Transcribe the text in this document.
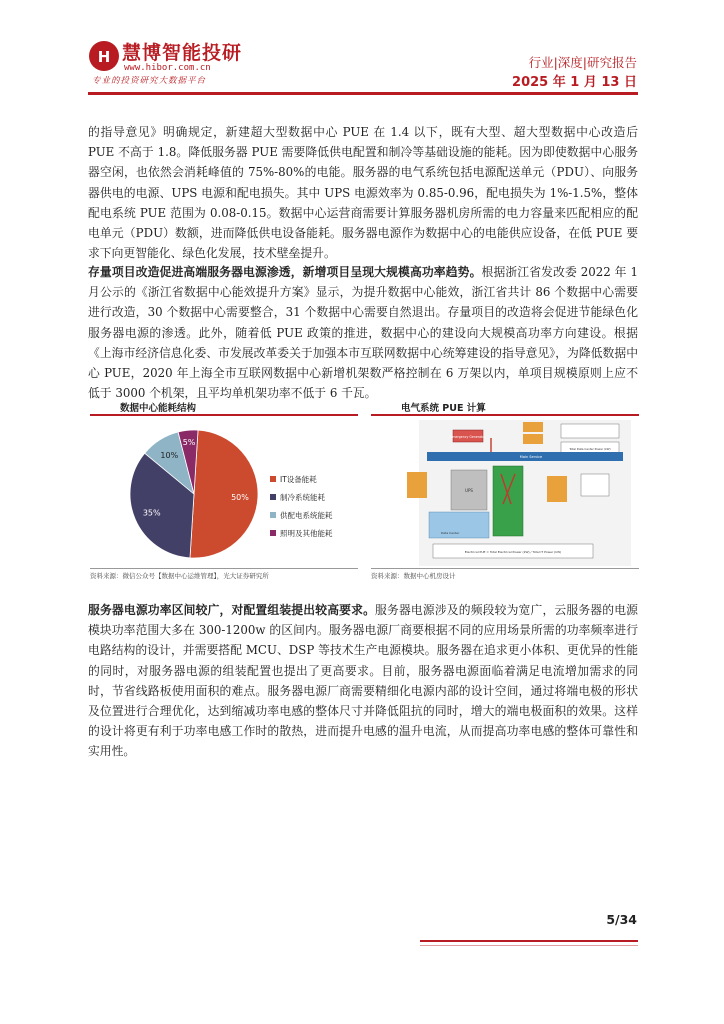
H 慧博智能投研
www.hibor.com.cn
专业的投资研究大数据平台
行业|深度|研究报告
2025 年 1 月 13 日

的指导意见》明确规定，新建超大型数据中心 PUE 在 1.4 以下，既有大型、超大型数据中心改造后 PUE 不高于 1.8。降低服务器 PUE 需要降低供电配置和制冷等基础设施的能耗。因为即使数据中心服务器空闲，也依然会消耗峰值的 75%-80%的电能。服务器的电气系统包括电源配送单元（PDU）、向服务器供电的电源、UPS 电源和配电损失。其中 UPS 电源效率为 0.85-0.96，配电损失为 1%-1.5%，整体配电系统 PUE 范围为 0.08-0.15。数据中心运营商需要计算服务器机房所需的电力容量来匹配相应的配电单元（PDU）数额，进而降低供电设备能耗。服务器电源作为数据中心的电能供应设备，在低 PUE 要求下向更智能化、绿色化发展，技术壁垒提升。

存量项目改造促进高端服务器电源渗透，新增项目呈现大规模高功率趋势。根据浙江省发改委 2022 年 1 月公示的《浙江省数据中心能效提升方案》显示，为提升数据中心能效，浙江省共计 86 个数据中心需要进行改造，30 个数据中心需要整合，31 个数据中心需要自然退出。存量项目的改造将会促进节能绿色化服务器电源的渗透。此外，随着低 PUE 政策的推进，数据中心的建设向大规模高功率方向建设。根据《上海市经济信息化委、市发展改革委关于加强本市互联网数据中心统筹建设的指导意见》，为降低数据中心 PUE，2020 年上海全市互联网数据中心新增机架数严格控制在 6 万架以内，单项目规模原则上应不低于 3000 个机架，且平均单机架功率不低于 6 千瓦。

数据中心能耗结构
50%
35%
10%
5%
IT设备能耗
制冷系统能耗
供配电系统能耗
照明及其他能耗
资料来源：微信公众号【数据中心运维管理】，光大证券研究所
电气系统 PUE 计算
Emergency Generator
Total Data Center Power (kW)
Main Service
UPS
Data Center
Electrical PUE = Total Electrical Power (kW) / Total IT Power (kW)
资料来源：数据中心机房设计

服务器电源功率区间较广，对配置组装提出较高要求。服务器电源涉及的频段较为宽广，云服务器的电源模块功率范围大多在 300-1200w 的区间内。服务器电源厂商要根据不同的应用场景所需的功率频率进行电路结构的设计，并需要搭配 MCU、DSP 等技术生产电源模块。服务器在追求更小体积、更优异的性能的同时，对服务器电源的组装配置也提出了更高要求。目前，服务器电源面临着满足电流增加需求的同时，节省线路板使用面积的难点。服务器电源厂商需要精细化电源内部的设计空间，通过将端电极的形状及位置进行合理优化，达到缩减功率电感的整体尺寸并降低阻抗的同时，增大的端电极面积的效果。这样的设计将更有利于功率电感工作时的散热，进而提升电感的温升电流，从而提高功率电感的整体可靠性和实用性。

5/34
